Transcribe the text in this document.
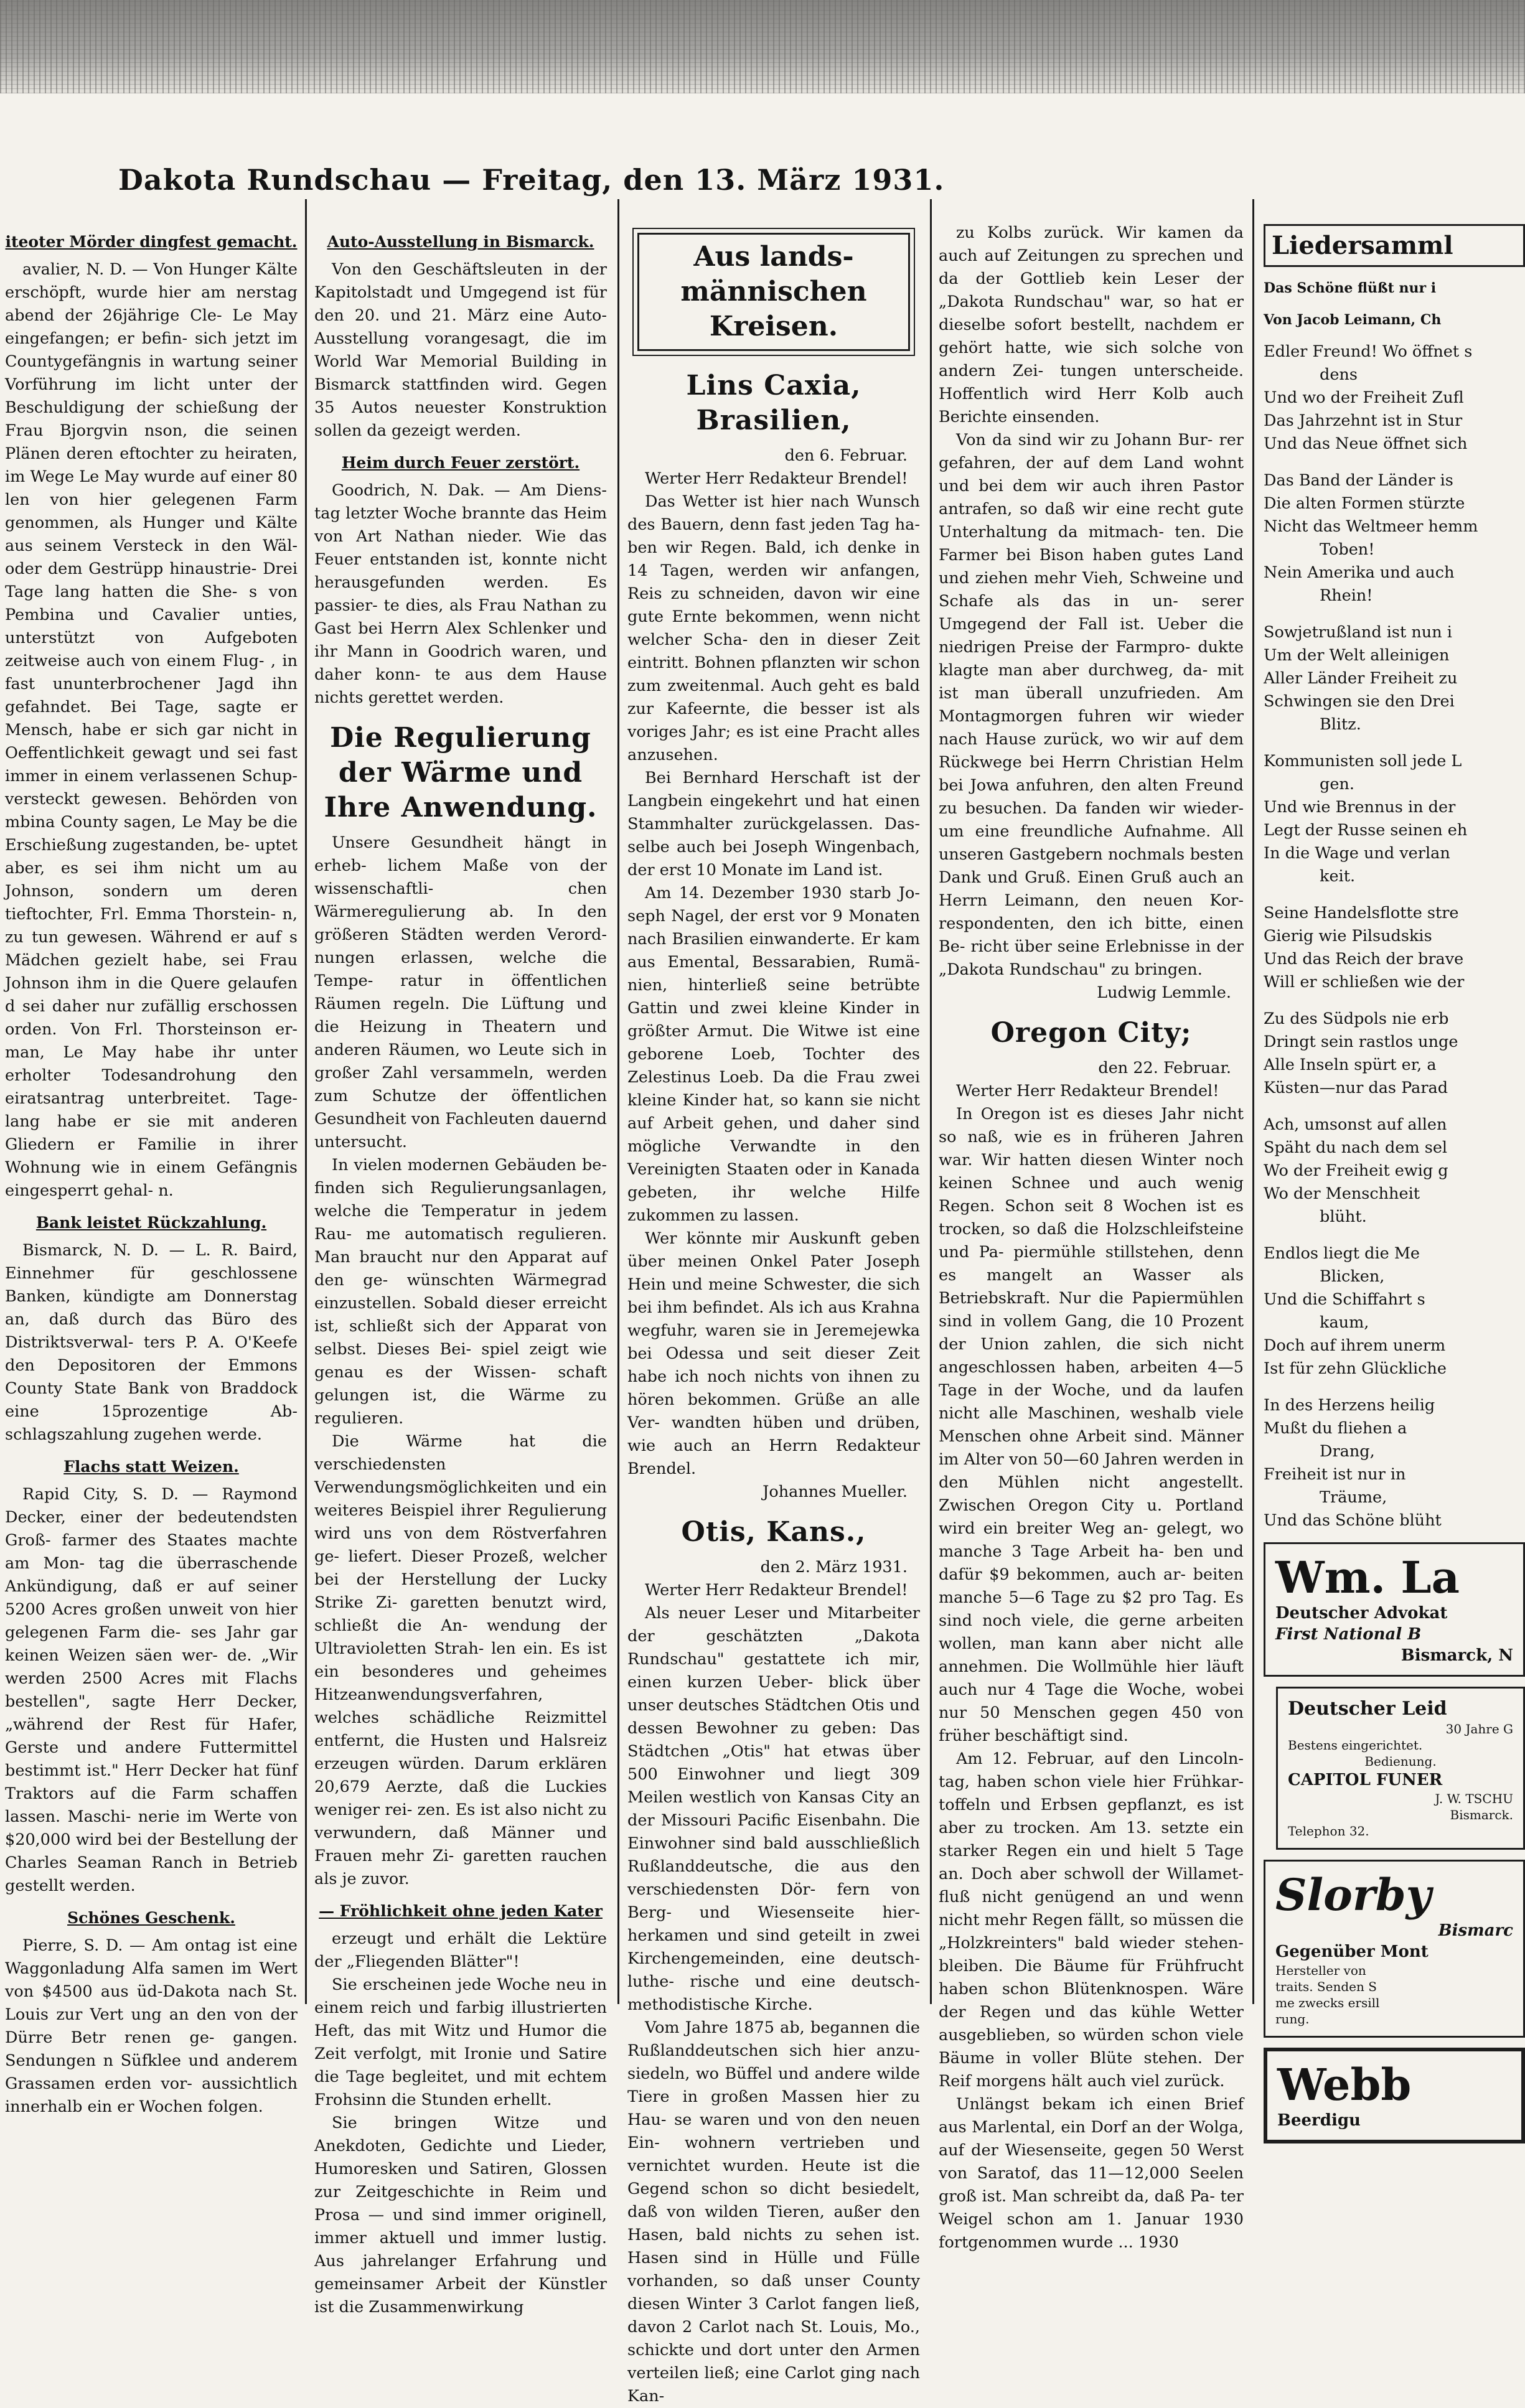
Dakota Rundschau — Freitag, den 13. März 1931.
iteoter Mörder dingfest gemacht.

avalier, N. D. — Von Hunger Kälte erschöpft, wurde hier am nerstag abend der 26jährige Cle- Le May eingefangen; er befin- sich jetzt im Countygefängnis in wartung seiner Vorführung im licht unter der Beschuldigung der schießung der Frau Bjorgvin nson, die seinen Plänen deren eftochter zu heiraten, im Wege Le May wurde auf einer 80 len von hier gelegenen Farm genommen, als Hunger und Kälte aus seinem Versteck in den Wäl- oder dem Gestrüpp hinaustrie- Drei Tage lang hatten die She- s von Pembina und Cavalier unties, unterstützt von Aufgeboten zeitweise auch von einem Flug- , in fast ununterbrochener Jagd ihn gefahndet. Bei Tage, sagte er Mensch, habe er sich gar nicht in Oeffentlichkeit gewagt und sei fast immer in einem verlassenen Schup- versteckt gewesen. Behörden von mbina County sagen, Le May be die Erschießung zugestanden, be- uptet aber, es sei ihm nicht um au Johnson, sondern um deren tieftochter, Frl. Emma Thorstein- n, zu tun gewesen. Während er auf s Mädchen gezielt habe, sei Frau Johnson ihm in die Quere gelaufen d sei daher nur zufällig erschossen orden. Von Frl. Thorsteinson er- man, Le May habe ihr unter erholter Todesandrohung den eiratsantrag unterbreitet. Tage- lang habe er sie mit anderen Gliedern er Familie in ihrer Wohnung wie in einem Gefängnis eingesperrt gehal- n.

Bank leistet Rückzahlung.

Bismarck, N. D. — L. R. Baird, Einnehmer für geschlossene Banken, kündigte am Donnerstag an, daß durch das Büro des Distriktsverwal- ters P. A. O'Keefe den Depositoren der Emmons County State Bank von Braddock eine 15prozentige Ab- schlagszahlung zugehen werde.

Flachs statt Weizen.

Rapid City, S. D. — Raymond Decker, einer der bedeutendsten Groß- farmer des Staates machte am Mon- tag die überraschende Ankündigung, daß er auf seiner 5200 Acres großen unweit von hier gelegenen Farm die- ses Jahr gar keinen Weizen säen wer- de. „Wir werden 2500 Acres mit Flachs bestellen", sagte Herr Decker, „während der Rest für Hafer, Gerste und andere Futtermittel bestimmt ist." Herr Decker hat fünf Traktors auf die Farm schaffen lassen. Maschi- nerie im Werte von $20,000 wird bei der Bestellung der Charles Seaman Ranch in Betrieb gestellt werden.

Schönes Geschenk.

Pierre, S. D. — Am ontag ist eine Waggonladung Alfa samen im Wert von $4500 aus üd-Dakota nach St. Louis zur Vert ung an den von der Dürre Betr renen ge- gangen. Sendungen n Süfklee und anderem Grassamen erden vor- aussichtlich innerhalb ein er Wochen folgen.

Auto-Ausstellung in Bismarck.

Von den Geschäftsleuten in der Kapitolstadt und Umgegend ist für den 20. und 21. März eine Auto- Ausstellung vorangesagt, die im World War Memorial Building in Bismarck stattfinden wird. Gegen 35 Autos neuester Konstruktion sollen da gezeigt werden.

Heim durch Feuer zerstört.

Goodrich, N. Dak. — Am Diens- tag letzter Woche brannte das Heim von Art Nathan nieder. Wie das Feuer entstanden ist, konnte nicht herausgefunden werden. Es passier- te dies, als Frau Nathan zu Gast bei Herrn Alex Schlenker und ihr Mann in Goodrich waren, und daher konn- te aus dem Hause nichts gerettet werden.

Die Regulierung der Wärme und Ihre Anwendung.

Unsere Gesundheit hängt in erheb- lichem Maße von der wissenschaftli- chen Wärmeregulierung ab. In den größeren Städten werden Verord- nungen erlassen, welche die Tempe- ratur in öffentlichen Räumen regeln. Die Lüftung und die Heizung in Theatern und anderen Räumen, wo Leute sich in großer Zahl versammeln, werden zum Schutze der öffentlichen Gesundheit von Fachleuten dauernd untersucht.

In vielen modernen Gebäuden be- finden sich Regulierungsanlagen, welche die Temperatur in jedem Rau- me automatisch regulieren. Man braucht nur den Apparat auf den ge- wünschten Wärmegrad einzustellen. Sobald dieser erreicht ist, schließt sich der Apparat von selbst. Dieses Bei- spiel zeigt wie genau es der Wissen- schaft gelungen ist, die Wärme zu regulieren.

Die Wärme hat die verschiedensten Verwendungsmöglichkeiten und ein weiteres Beispiel ihrer Regulierung wird uns von dem Röstverfahren ge- liefert. Dieser Prozeß, welcher bei der Herstellung der Lucky Strike Zi- garetten benutzt wird, schließt die An- wendung der Ultravioletten Strah- len ein. Es ist ein besonderes und geheimes Hitzeanwendungsverfahren, welches schädliche Reizmittel entfernt, die Husten und Halsreiz erzeugen würden. Darum erklären 20,679 Aerzte, daß die Luckies weniger rei- zen. Es ist also nicht zu verwundern, daß Männer und Frauen mehr Zi- garetten rauchen als je zuvor.

— Fröhlichkeit ohne jeden Kater

erzeugt und erhält die Lektüre der „Fliegenden Blätter"!

Sie erscheinen jede Woche neu in einem reich und farbig illustrierten Heft, das mit Witz und Humor die Zeit verfolgt, mit Ironie und Satire die Tage begleitet, und mit echtem Frohsinn die Stunden erhellt.

Sie bringen Witze und Anekdoten, Gedichte und Lieder, Humoresken und Satiren, Glossen zur Zeitgeschichte in Reim und Prosa — und sind immer originell, immer aktuell und immer lustig. Aus jahrelanger Erfahrung und gemeinsamer Arbeit der Künstler ist die Zusammenwirkung

Aus lands- männischen Kreisen.
Lins Caxia, Brasilien,
den 6. Februar.

Werter Herr Redakteur Brendel!

Das Wetter ist hier nach Wunsch des Bauern, denn fast jeden Tag ha- ben wir Regen. Bald, ich denke in 14 Tagen, werden wir anfangen, Reis zu schneiden, davon wir eine gute Ernte bekommen, wenn nicht welcher Scha- den in dieser Zeit eintritt. Bohnen pflanzten wir schon zum zweitenmal. Auch geht es bald zur Kafeernte, die besser ist als voriges Jahr; es ist eine Pracht alles anzusehen.

Bei Bernhard Herschaft ist der Langbein eingekehrt und hat einen Stammhalter zurückgelassen. Das- selbe auch bei Joseph Wingenbach, der erst 10 Monate im Land ist.

Am 14. Dezember 1930 starb Jo- seph Nagel, der erst vor 9 Monaten nach Brasilien einwanderte. Er kam aus Emental, Bessarabien, Rumä- nien, hinterließ seine betrübte Gattin und zwei kleine Kinder in größter Armut. Die Witwe ist eine geborene Loeb, Tochter des Zelestinus Loeb. Da die Frau zwei kleine Kinder hat, so kann sie nicht auf Arbeit gehen, und daher sind mögliche Verwandte in den Vereinigten Staaten oder in Kanada gebeten, ihr welche Hilfe zukommen zu lassen.

Wer könnte mir Auskunft geben über meinen Onkel Pater Joseph Hein und meine Schwester, die sich bei ihm befindet. Als ich aus Krahna wegfuhr, waren sie in Jeremejewka bei Odessa und seit dieser Zeit habe ich noch nichts von ihnen zu hören bekommen. Grüße an alle Ver- wandten hüben und drüben, wie auch an Herrn Redakteur Brendel.

Johannes Mueller.
Otis, Kans.,
den 2. März 1931.

Werter Herr Redakteur Brendel!

Als neuer Leser und Mitarbeiter der geschätzten „Dakota Rundschau" gestattete ich mir, einen kurzen Ueber- blick über unser deutsches Städtchen Otis und dessen Bewohner zu geben: Das Städtchen „Otis" hat etwas über 500 Einwohner und liegt 309 Meilen westlich von Kansas City an der Missouri Pacific Eisenbahn. Die Einwohner sind bald ausschließlich Rußlanddeutsche, die aus den verschiedensten Dör- fern von Berg- und Wiesenseite hier- herkamen und sind geteilt in zwei Kirchengemeinden, eine deutsch-luthe- rische und eine deutsch-methodistische Kirche.

Vom Jahre 1875 ab, begannen die Rußlanddeutschen sich hier anzu- siedeln, wo Büffel und andere wilde Tiere in großen Massen hier zu Hau- se waren und von den neuen Ein- wohnern vertrieben und vernichtet wurden. Heute ist die Gegend schon so dicht besiedelt, daß von wilden Tieren, außer den Hasen, bald nichts zu sehen ist. Hasen sind in Hülle und Fülle vorhanden, so daß unser County diesen Winter 3 Carlot fangen ließ, davon 2 Carlot nach St. Louis, Mo., schickte und dort unter den Armen verteilen ließ; eine Carlot ging nach Kan-

zu Kolbs zurück. Wir kamen da auch auf Zeitungen zu sprechen und da der Gottlieb kein Leser der „Dakota Rundschau" war, so hat er dieselbe sofort bestellt, nachdem er gehört hatte, wie sich solche von andern Zei- tungen unterscheide. Hoffentlich wird Herr Kolb auch Berichte einsenden.

Von da sind wir zu Johann Bur- rer gefahren, der auf dem Land wohnt und bei dem wir auch ihren Pastor antrafen, so daß wir eine recht gute Unterhaltung da mitmach- ten. Die Farmer bei Bison haben gutes Land und ziehen mehr Vieh, Schweine und Schafe als das in un- serer Umgegend der Fall ist. Ueber die niedrigen Preise der Farmpro- dukte klagte man aber durchweg, da- mit ist man überall unzufrieden. Am Montagmorgen fuhren wir wieder nach Hause zurück, wo wir auf dem Rückwege bei Herrn Christian Helm bei Jowa anfuhren, den alten Freund zu besuchen. Da fanden wir wieder- um eine freundliche Aufnahme. All unseren Gastgebern nochmals besten Dank und Gruß. Einen Gruß auch an Herrn Leimann, den neuen Kor- respondenten, den ich bitte, einen Be- richt über seine Erlebnisse in der „Dakota Rundschau" zu bringen.

Ludwig Lemmle.
Oregon City;
den 22. Februar.

Werter Herr Redakteur Brendel!

In Oregon ist es dieses Jahr nicht so naß, wie es in früheren Jahren war. Wir hatten diesen Winter noch keinen Schnee und auch wenig Regen. Schon seit 8 Wochen ist es trocken, so daß die Holzschleifsteine und Pa- piermühle stillstehen, denn es mangelt an Wasser als Betriebskraft. Nur die Papiermühlen sind in vollem Gang, die 10 Prozent der Union zahlen, die sich nicht angeschlossen haben, arbeiten 4—5 Tage in der Woche, und da laufen nicht alle Maschinen, weshalb viele Menschen ohne Arbeit sind. Männer im Alter von 50—60 Jahren werden in den Mühlen nicht angestellt. Zwischen Oregon City u. Portland wird ein breiter Weg an- gelegt, wo manche 3 Tage Arbeit ha- ben und dafür $9 bekommen, auch ar- beiten manche 5—6 Tage zu $2 pro Tag. Es sind noch viele, die gerne arbeiten wollen, man kann aber nicht alle annehmen. Die Wollmühle hier läuft auch nur 4 Tage die Woche, wobei nur 50 Menschen gegen 450 von früher beschäftigt sind.

Am 12. Februar, auf den Lincoln- tag, haben schon viele hier Frühkar- toffeln und Erbsen gepflanzt, es ist aber zu trocken. Am 13. setzte ein starker Regen ein und hielt 5 Tage an. Doch aber schwoll der Willamet- fluß nicht genügend an und wenn nicht mehr Regen fällt, so müssen die „Holzkreinters" bald wieder stehen- bleiben. Die Bäume für Frühfrucht haben schon Blütenknospen. Wäre der Regen und das kühle Wetter ausgeblieben, so würden schon viele Bäume in voller Blüte stehen. Der Reif morgens hält auch viel zurück.

Unlängst bekam ich einen Brief aus Marlental, ein Dorf an der Wolga, auf der Wiesenseite, gegen 50 Werst von Saratof, das 11—12,000 Seelen groß ist. Man schreibt da, daß Pa- ter Weigel schon am 1. Januar 1930 fortgenommen wurde ... 1930

Liedersamml

Das Schöne flüßt nur i

Von Jacob Leimann, Ch

Edler Freund! Wo öffnet s

dens

Und wo der Freiheit Zufl

Das Jahrzehnt ist in Stur

Und das Neue öffnet sich

Das Band der Länder is

Die alten Formen stürzte

Nicht das Weltmeer hemm

Toben!

Nein Amerika und auch

Rhein!

Sowjetrußland ist nun i

Um der Welt alleinigen

Aller Länder Freiheit zu

Schwingen sie den Drei

Blitz.

Kommunisten soll jede L

gen.

Und wie Brennus in der

Legt der Russe seinen eh

In die Wage und verlan

keit.

Seine Handelsflotte stre

Gierig wie Pilsudskis

Und das Reich der brave

Will er schließen wie der

Zu des Südpols nie erb

Dringt sein rastlos unge

Alle Inseln spürt er, a

Küsten—nur das Parad

Ach, umsonst auf allen

Späht du nach dem sel

Wo der Freiheit ewig g

Wo der Menschheit

blüht.

Endlos liegt die Me

Blicken,

Und die Schiffahrt s

kaum,

Doch auf ihrem unerm

Ist für zehn Glückliche

In des Herzens heilig

Mußt du fliehen a

Drang,

Freiheit ist nur in

Träume,

Und das Schöne blüht

Wm. La
Deutscher Advokat
First National B
Bismarck, N
Deutscher Leid
30 Jahre G
Bestens eingerichtet.
Bedienung.
CAPITOL FUNER
J. W. TSCHU
Bismarck.
Telephon 32.
Slorby
Bismarc
Gegenüber Mont
Hersteller von
traits. Senden S
me zwecks ersill
rung.
Webb
Beerdigu
